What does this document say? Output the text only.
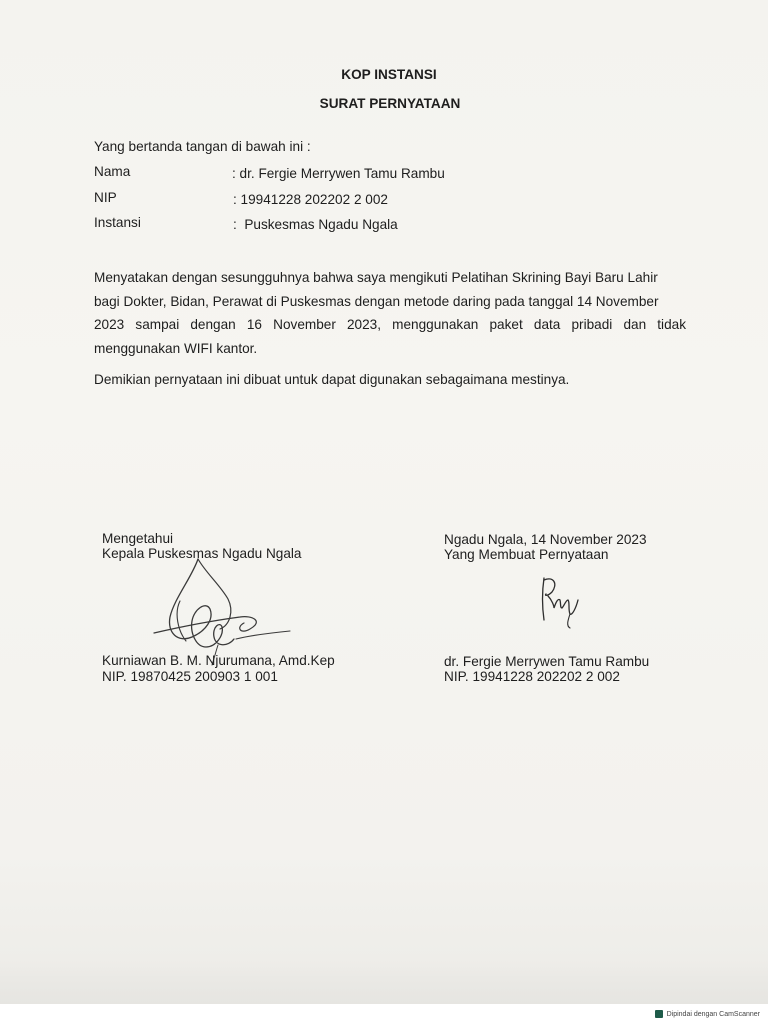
KOP INSTANSI
SURAT PERNYATAAN
Yang bertanda tangan di bawah ini :
Nama	: dr. Fergie Merrywen Tamu Rambu
NIP	: 19941228 202202 2 002
Instansi	:  Puskesmas Ngadu Ngala
Menyatakan dengan sesungguhnya bahwa saya mengikuti Pelatihan Skrining Bayi Baru Lahir
bagi Dokter, Bidan, Perawat di Puskesmas dengan metode daring pada tanggal 14 November
2023 sampai dengan 16 November 2023, menggunakan paket data pribadi dan tidak
menggunakan WIFI kantor.
Demikian pernyataan ini dibuat untuk dapat digunakan sebagaimana mestinya.
Mengetahui
Kepala Puskesmas Ngadu Ngala
Kurniawan B. M. Njurumana, Amd.Kep
NIP. 19870425 200903 1 001
Ngadu Ngala, 14 November 2023
Yang Membuat Pernyataan
dr. Fergie Merrywen Tamu Rambu
NIP. 19941228 202202 2 002
Dipindai dengan CamScanner
